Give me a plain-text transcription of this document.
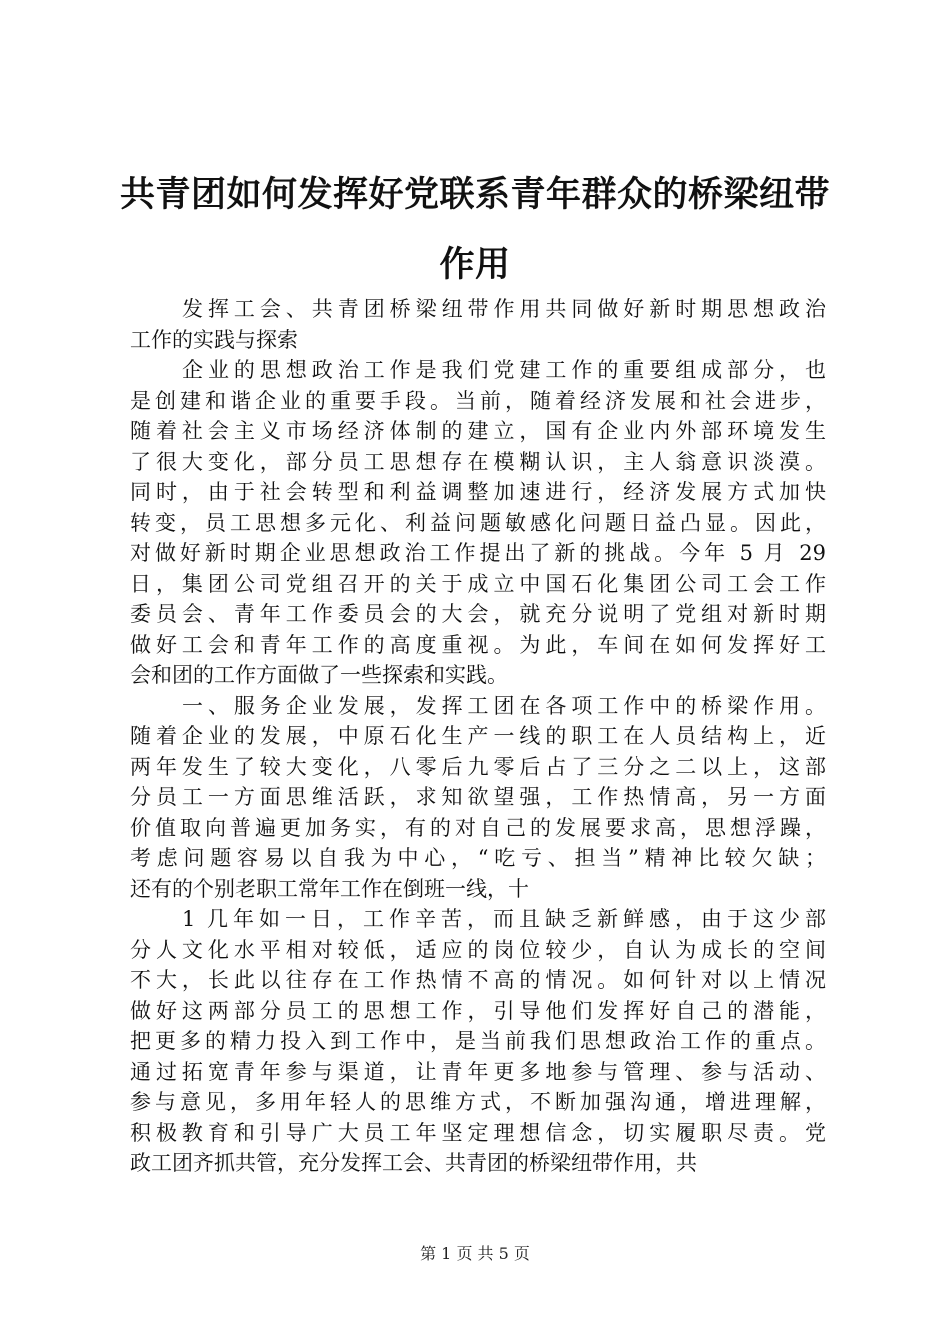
共青团如何发挥好党联系青年群众的桥梁纽带
作用

发挥工会、共青团桥梁纽带作用共同做好新时期思想政治
工作的实践与探索

企业的思想政治工作是我们党建工作的重要组成部分，也
是创建和谐企业的重要手段。当前，随着经济发展和社会进步，
随着社会主义市场经济体制的建立，国有企业内外部环境发生
了很大变化，部分员工思想存在模糊认识，主人翁意识淡漠。
同时，由于社会转型和利益调整加速进行，经济发展方式加快
转变，员工思想多元化、利益问题敏感化问题日益凸显。因此，
对做好新时期企业思想政治工作提出了新的挑战。今年 5 月 29
日，集团公司党组召开的关于成立中国石化集团公司工会工作
委员会、青年工作委员会的大会，就充分说明了党组对新时期
做好工会和青年工作的高度重视。为此，车间在如何发挥好工
会和团的工作方面做了一些探索和实践。

一、服务企业发展，发挥工团在各项工作中的桥梁作用。
随着企业的发展，中原石化生产一线的职工在人员结构上，近
两年发生了较大变化，八零后九零后占了三分之二以上，这部
分员工一方面思维活跃，求知欲望强，工作热情高，另一方面
价值取向普遍更加务实，有的对自己的发展要求高，思想浮躁，
考虑问题容易以自我为中心，“吃亏、担当”精神比较欠缺；
还有的个别老职工常年工作在倒班一线，十

1 几年如一日，工作辛苦，而且缺乏新鲜感，由于这少部
分人文化水平相对较低，适应的岗位较少，自认为成长的空间
不大，长此以往存在工作热情不高的情况。如何针对以上情况
做好这两部分员工的思想工作，引导他们发挥好自己的潜能，
把更多的精力投入到工作中，是当前我们思想政治工作的重点。
通过拓宽青年参与渠道，让青年更多地参与管理、参与活动、
参与意见，多用年轻人的思维方式，不断加强沟通，增进理解，
积极教育和引导广大员工年坚定理想信念，切实履职尽责。党
政工团齐抓共管，充分发挥工会、共青团的桥梁纽带作用，共

第 1 页 共 5 页
